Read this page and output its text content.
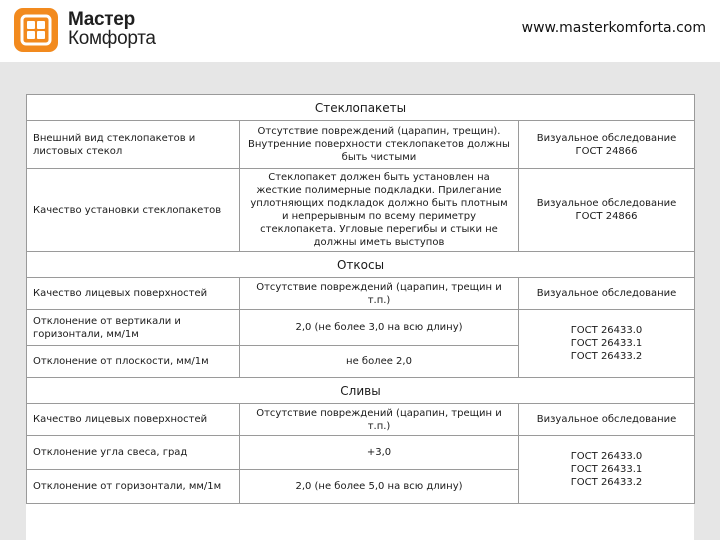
Мастер
Комфорта	www.masterkomforta.com
Стеклопакеты		
Внешний вид стеклопакетов и листовых стекол	Отсутствие повреждений (царапин, трещин). Внутренние поверхности стеклопакетов должны быть чистыми	Визуальное обследование ГОСТ 24866
Качество установки стеклопакетов	Стеклопакет должен быть установлен на жесткие полимерные подкладки. Прилегание уплотняющих подкладок должно быть плотным и непрерывным по всему периметру стеклопакета. Угловые перегибы и стыки не должны иметь выступов	Визуальное обследование ГОСТ 24866
Откосы		
Качество лицевых поверхностей	Отсутствие повреждений (царапин, трещин и т.п.)	Визуальное обследование
Отклонение от вертикали и горизонтали, мм/1м	2,0 (не более 3,0 на всю длину)	ГОСТ 26433.0
ГОСТ 26433.1
ГОСТ 26433.2
Отклонение от плоскости, мм/1м	не более 2,0	
Сливы		
Качество лицевых поверхностей	Отсутствие повреждений (царапин, трещин и т.п.)	Визуальное обследование
Отклонение угла свеса, град	+3,0	ГОСТ 26433.0
ГОСТ 26433.1
ГОСТ 26433.2
Отклонение от горизонтали, мм/1м	2,0 (не более 5,0 на всю длину)	
